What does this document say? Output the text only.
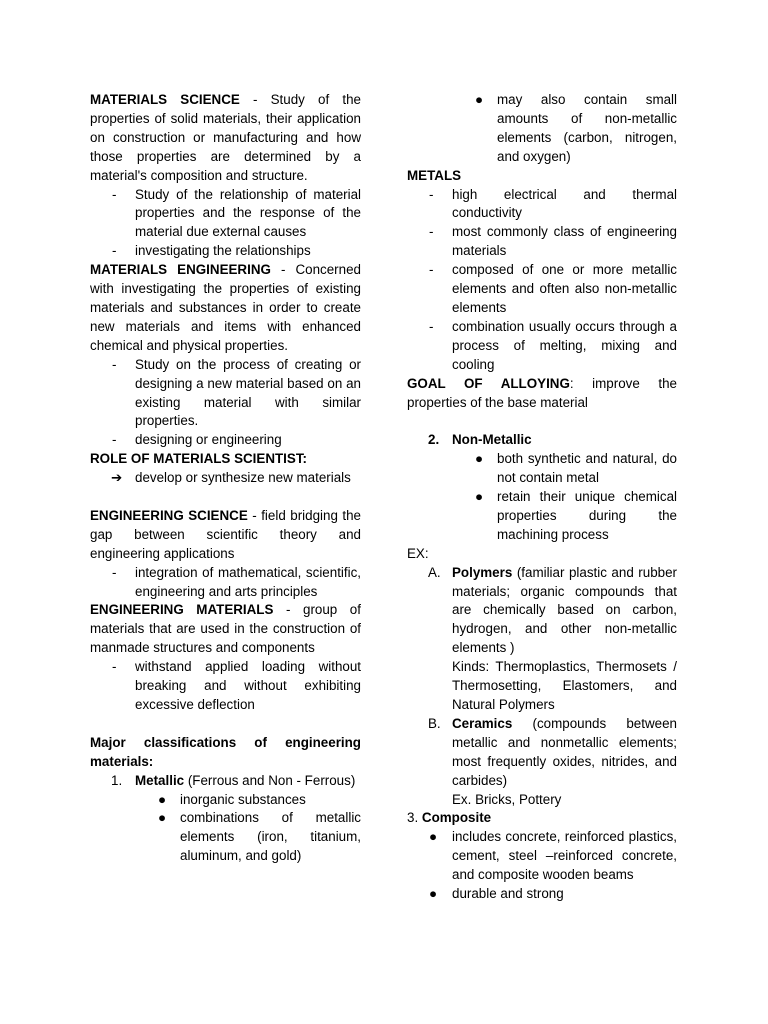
MATERIALS SCIENCE - Study of the properties of solid materials, their application on construction or manufacturing and how those properties are determined by a material's composition and structure.

- Study of the relationship of material properties and the response of the material due external causes
- investigating the relationships

MATERIALS ENGINEERING - Concerned with investigating the properties of existing materials and substances in order to create new materials and items with enhanced chemical and physical properties.

- Study on the process of creating or designing a new material based on an existing material with similar properties.
- designing or engineering

ROLE OF MATERIALS SCIENTIST:

➔ develop or synthesize new materials

ENGINEERING SCIENCE - field bridging the gap between scientific theory and engineering applications

- integration of mathematical, scientific, engineering and arts principles

ENGINEERING MATERIALS - group of materials that are used in the construction of manmade structures and components

- withstand applied loading without breaking and without exhibiting excessive deflection

Major classifications of engineering materials:

1. Metallic (Ferrous and Non - Ferrous)
● inorganic substances
● combinations of metallic elements (iron, titanium, aluminum, and gold)
● may also contain small amounts of non-metallic elements (carbon, nitrogen, and oxygen)

METALS

- high electrical and thermal conductivity
- most commonly class of engineering materials
- composed of one or more metallic elements and often also non-metallic elements
- combination usually occurs through a process of melting, mixing and cooling

GOAL OF ALLOYING: improve the properties of the base material

2. Non-Metallic
● both synthetic and natural, do not contain metal
● retain their unique chemical properties during the machining process

EX:

A. Polymers (familiar plastic and rubber materials; organic compounds that are chemically based on carbon, hydrogen, and other non-metallic elements )
Kinds: Thermoplastics, Thermosets / Thermosetting, Elastomers, and Natural Polymers
B. Ceramics (compounds between metallic and nonmetallic elements; most frequently oxides, nitrides, and carbides)
Ex. Bricks, Pottery

3. Composite

● includes concrete, reinforced plastics, cement, steel –reinforced concrete, and composite wooden beams
● durable and strong
